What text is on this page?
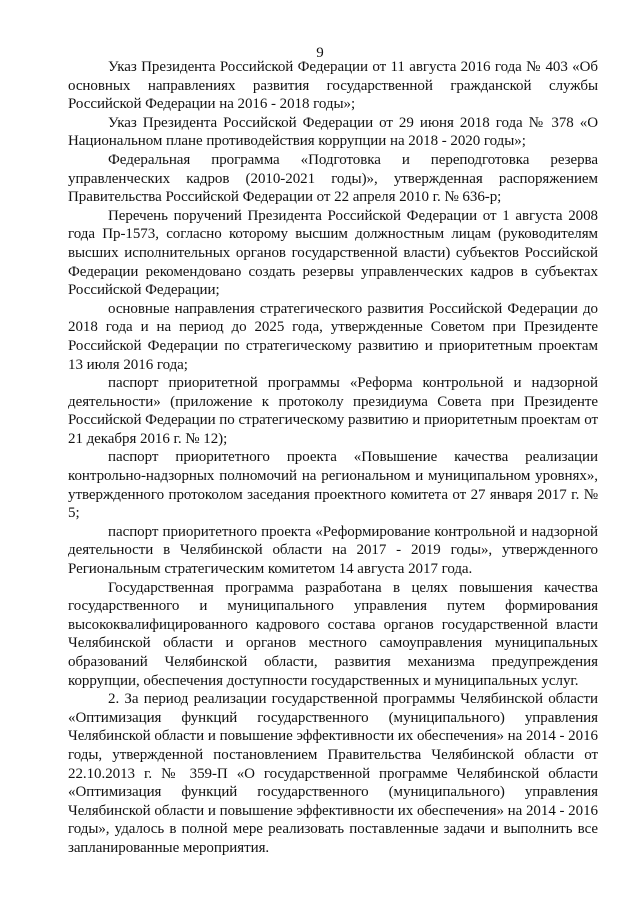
9

Указ Президента Российской Федерации от 11 августа 2016 года № 403 «Об основных направлениях развития государственной гражданской службы Российской Федерации на 2016 - 2018 годы»;

Указ Президента Российской Федерации от 29 июня 2018 года № 378 «О Национальном плане противодействия коррупции на 2018 - 2020 годы»;

Федеральная программа «Подготовка и переподготовка резерва управленческих кадров (2010-2021 годы)», утвержденная распоряжением Правительства Российской Федерации от 22 апреля 2010 г. № 636-р;

Перечень поручений Президента Российской Федерации от 1 августа 2008 года Пр-1573, согласно которому высшим должностным лицам (руководителям высших исполнительных органов государственной власти) субъектов Российской Федерации рекомендовано создать резервы управленческих кадров в субъектах Российской Федерации;

основные направления стратегического развития Российской Федерации до 2018 года и на период до 2025 года, утвержденные Советом при Президенте Российской Федерации по стратегическому развитию и приоритетным проектам 13 июля 2016 года;

паспорт приоритетной программы «Реформа контрольной и надзорной деятельности» (приложение к протоколу президиума Совета при Президенте Российской Федерации по стратегическому развитию и приоритетным проектам от 21 декабря 2016 г. № 12);

паспорт приоритетного проекта «Повышение качества реализации контрольно-надзорных полномочий на региональном и муниципальном уровнях», утвержденного протоколом заседания проектного комитета от 27 января 2017 г. № 5;

паспорт приоритетного проекта «Реформирование контрольной и надзорной деятельности в Челябинской области на 2017 - 2019 годы», утвержденного Региональным стратегическим комитетом 14 августа 2017 года.

Государственная программа разработана в целях повышения качества государственного и муниципального управления путем формирования высококвалифицированного кадрового состава органов государственной власти Челябинской области и органов местного самоуправления муниципальных образований Челябинской области, развития механизма предупреждения коррупции, обеспечения доступности государственных и муниципальных услуг.

2. За период реализации государственной программы Челябинской области «Оптимизация функций государственного (муниципального) управления Челябинской области и повышение эффективности их обеспечения» на 2014 - 2016 годы, утвержденной постановлением Правительства Челябинской области от 22.10.2013 г. № 359-П «О государственной программе Челябинской области «Оптимизация функций государственного (муниципального) управления Челябинской области и повышение эффективности их обеспечения» на 2014 - 2016 годы», удалось в полной мере реализовать поставленные задачи и выполнить все запланированные мероприятия.
